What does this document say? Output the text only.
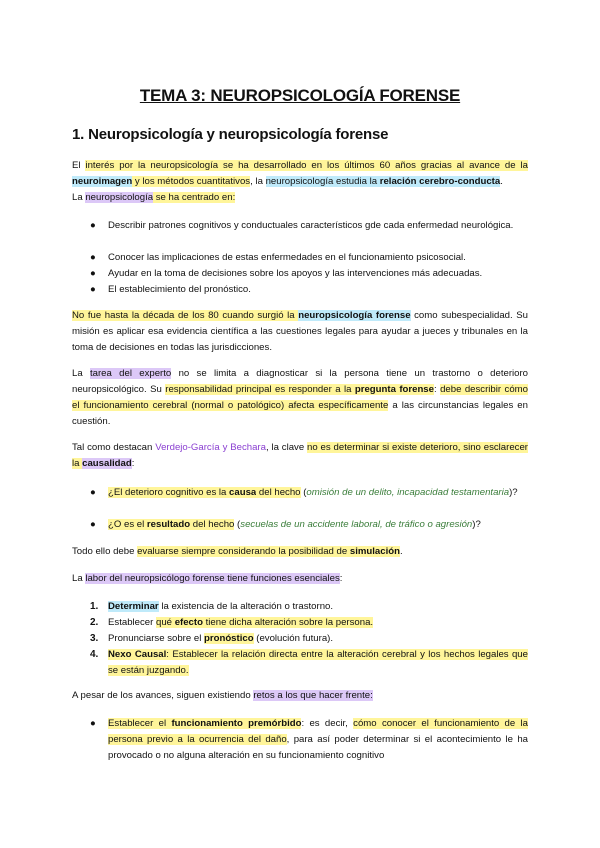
TEMA 3: NEUROPSICOLOGÍA FORENSE
1. Neuropsicología y neuropsicología forense
El interés por la neuropsicología se ha desarrollado en los últimos 60 años gracias al avance de la neuroimagen y los métodos cuantitativos, la neuropsicología estudia la relación cerebro-conducta.
La neuropsicología se ha centrado en:
● Describir patrones cognitivos y conductuales característicos gde cada enfermedad neurológica.
● Conocer las implicaciones de estas enfermedades en el funcionamiento psicosocial.
● Ayudar en la toma de decisiones sobre los apoyos y las intervenciones más adecuadas.
● El establecimiento del pronóstico.
No fue hasta la década de los 80 cuando surgió la neuropsicología forense como subespecialidad. Su misión es aplicar esa evidencia científica a las cuestiones legales para ayudar a jueces y tribunales en la toma de decisiones en todas las jurisdicciones.
La tarea del experto no se limita a diagnosticar si la persona tiene un trastorno o deterioro neuropsicológico. Su responsabilidad principal es responder a la pregunta forense: debe describir cómo el funcionamiento cerebral (normal o patológico) afecta específicamente a las circunstancias legales en cuestión.
Tal como destacan Verdejo-García y Bechara, la clave no es determinar si existe deterioro, sino esclarecer la causalidad:
● ¿El deterioro cognitivo es la causa del hecho (omisión de un delito, incapacidad testamentaria)?
● ¿O es el resultado del hecho (secuelas de un accidente laboral, de tráfico o agresión)?
Todo ello debe evaluarse siempre considerando la posibilidad de simulación.
La labor del neuropsicólogo forense tiene funciones esenciales:
1. Determinar la existencia de la alteración o trastorno.
2. Establecer qué efecto tiene dicha alteración sobre la persona.
3. Pronunciarse sobre el pronóstico (evolución futura).
4. Nexo Causal: Establecer la relación directa entre la alteración cerebral y los hechos legales que se están juzgando.
A pesar de los avances, siguen existiendo retos a los que hacer frente:
● Establecer el funcionamiento premórbido: es decir, cómo conocer el funcionamiento de la persona previo a la ocurrencia del daño, para así poder determinar si el acontecimiento le ha provocado o no alguna alteración en su funcionamiento cognitivo
